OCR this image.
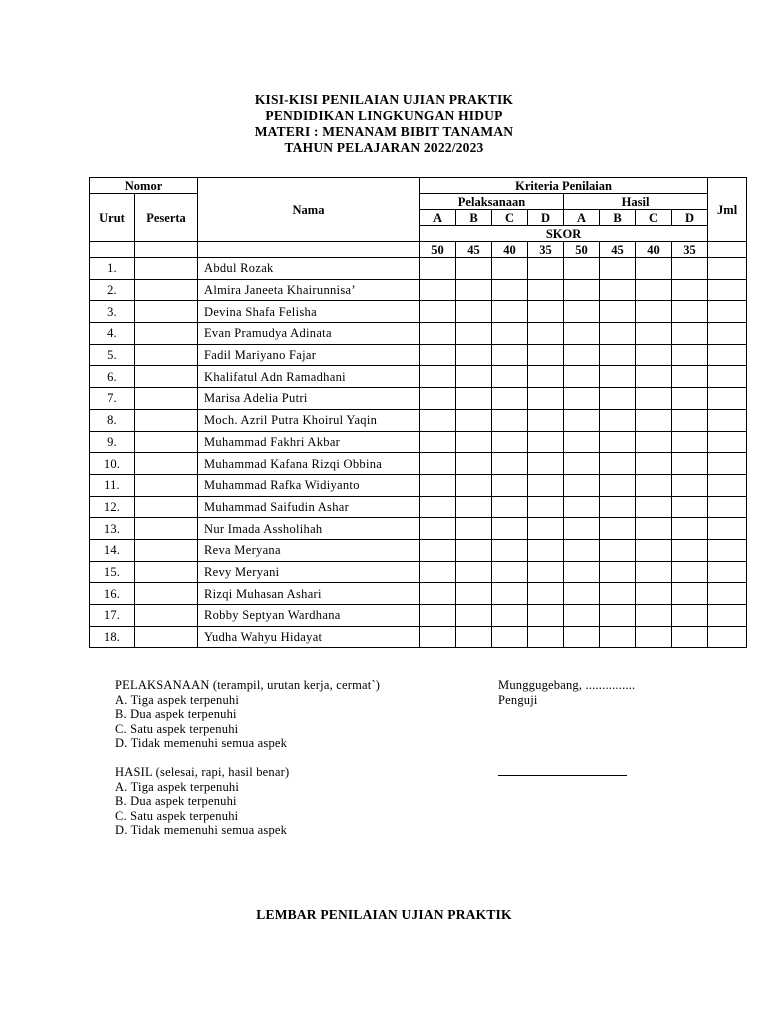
KISI-KISI PENILAIAN UJIAN PRAKTIK
PENDIDIKAN LINGKUNGAN HIDUP
MATERI : MENANAM BIBIT TANAMAN
TAHUN PELAJARAN 2022/2023
Nomor		Nama	Kriteria Penilaian								Jml
Urut	Peserta		Pelaksanaan				Hasil				
			A	B	C	D	A	B	C	D	
			SKOR								
			50	45	40	35	50	45	40	35	
1.		Abdul Rozak									
2.		Almira Janeeta Khairunnisa’									
3.		Devina Shafa Felisha									
4.		Evan Pramudya Adinata									
5.		Fadil Mariyano Fajar									
6.		Khalifatul Adn Ramadhani									
7.		Marisa Adelia Putri									
8.		Moch. Azril Putra Khoirul Yaqin									
9.		Muhammad Fakhri Akbar									
10.		Muhammad Kafana Rizqi Obbina									
11.		Muhammad Rafka Widiyanto									
12.		Muhammad Saifudin Ashar									
13.		Nur Imada Assholihah									
14.		Reva Meryana									
15.		Revy Meryani									
16.		Rizqi Muhasan Ashari									
17.		Robby Septyan Wardhana									
18.		Yudha Wahyu Hidayat									
PELAKSANAAN (terampil, urutan kerja, cermat`)
A. Tiga aspek terpenuhi
B. Dua aspek terpenuhi
C. Satu aspek terpenuhi
D. Tidak memenuhi semua aspek
HASIL (selesai, rapi, hasil benar)
A. Tiga aspek terpenuhi
B. Dua aspek terpenuhi
C. Satu aspek terpenuhi
D. Tidak memenuhi semua aspek
Munggugebang, ...............
Penguji
LEMBAR PENILAIAN UJIAN PRAKTIK
